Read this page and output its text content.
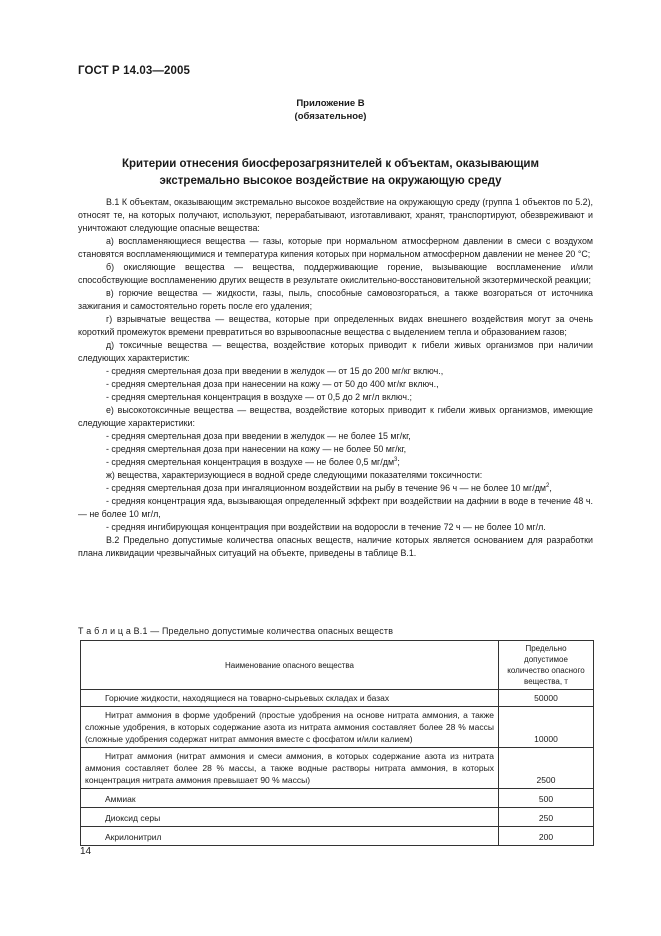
ГОСТ Р 14.03—2005
Приложение В
(обязательное)
Критерии отнесения биосферозагрязнителей к объектам, оказывающим
экстремально высокое воздействие на окружающую среду

В.1 К объектам, оказывающим экстремально высокое воздействие на окружающую среду (группа 1 объектов по 5.2), относят те, на которых получают, используют, перерабатывают, изготавливают, хранят, транспортируют, обезвреживают и уничтожают следующие опасные вещества:

а) воспламеняющиеся вещества — газы, которые при нормальном атмосферном давлении в смеси с воздухом становятся воспламеняющимися и температура кипения которых при нормальном атмосферном давлении не менее 20 °С;

б) окисляющие вещества — вещества, поддерживающие горение, вызывающие воспламенение и/или способствующие воспламенению других веществ в результате окислительно-восстановительной экзотермической реакции;

в) горючие вещества — жидкости, газы, пыль, способные самовозгораться, а также возгораться от источника зажигания и самостоятельно гореть после его удаления;

г) взрывчатые вещества — вещества, которые при определенных видах внешнего воздействия могут за очень короткий промежуток времени превратиться во взрывоопасные вещества с выделением тепла и образованием газов;

д) токсичные вещества — вещества, воздействие которых приводит к гибели живых организмов при наличии следующих характеристик:

- средняя смертельная доза при введении в желудок — от 15 до 200 мг/кг включ.,

- средняя смертельная доза при нанесении на кожу — от 50 до 400 мг/кг включ.,

- средняя смертельная концентрация в воздухе — от 0,5 до 2 мг/л включ.;

е) высокотоксичные вещества — вещества, воздействие которых приводит к гибели живых организмов, имеющие следующие характеристики:

- средняя смертельная доза при введении в желудок — не более 15 мг/кг,

- средняя смертельная доза при нанесении на кожу — не более 50 мг/кг,

- средняя смертельная концентрация в воздухе — не более 0,5 $мг/дм^3$;

ж) вещества, характеризующиеся в водной среде следующими показателями токсичности:

- средняя смертельная доза при ингаляционном воздействии на рыбу в течение 96 ч — не более 10 $мг/дм^2$,

- средняя концентрация яда, вызывающая определенный эффект при воздействии на дафнии в воде в течение 48 ч. — не более 10 мг/л,

- средняя ингибирующая концентрация при воздействии на водоросли в течение 72 ч — не более 10 мг/л.

В.2 Предельно допустимые количества опасных веществ, наличие которых является основанием для разработки плана ликвидации чрезвычайных ситуаций на объекте, приведены в таблице В.1.

Т а б л и ц а В.1 — Предельно допустимые количества опасных веществ
Наименование опасного вещества	Предельно допустимое количество опасного вещества, т
Горючие жидкости, находящиеся на товарно-сырьевых складах и базах	50000
Нитрат аммония в форме удобрений (простые удобрения на основе нитрата аммония, а также сложные удобрения, в которых содержание азота из нитрата аммония составляет более 28 % массы (сложные удобрения содержат нитрат аммония вместе с фосфатом и/или калием)	10000
Нитрат аммония (нитрат аммония и смеси аммония, в которых содержание азота из нитрата аммония составляет более 28 % массы, а также водные растворы нитрата аммония, в которых концентрация нитрата аммония превышает 90 % массы)	2500
Аммиак	500
Диоксид серы	250
Акрилонитрил	200
14
